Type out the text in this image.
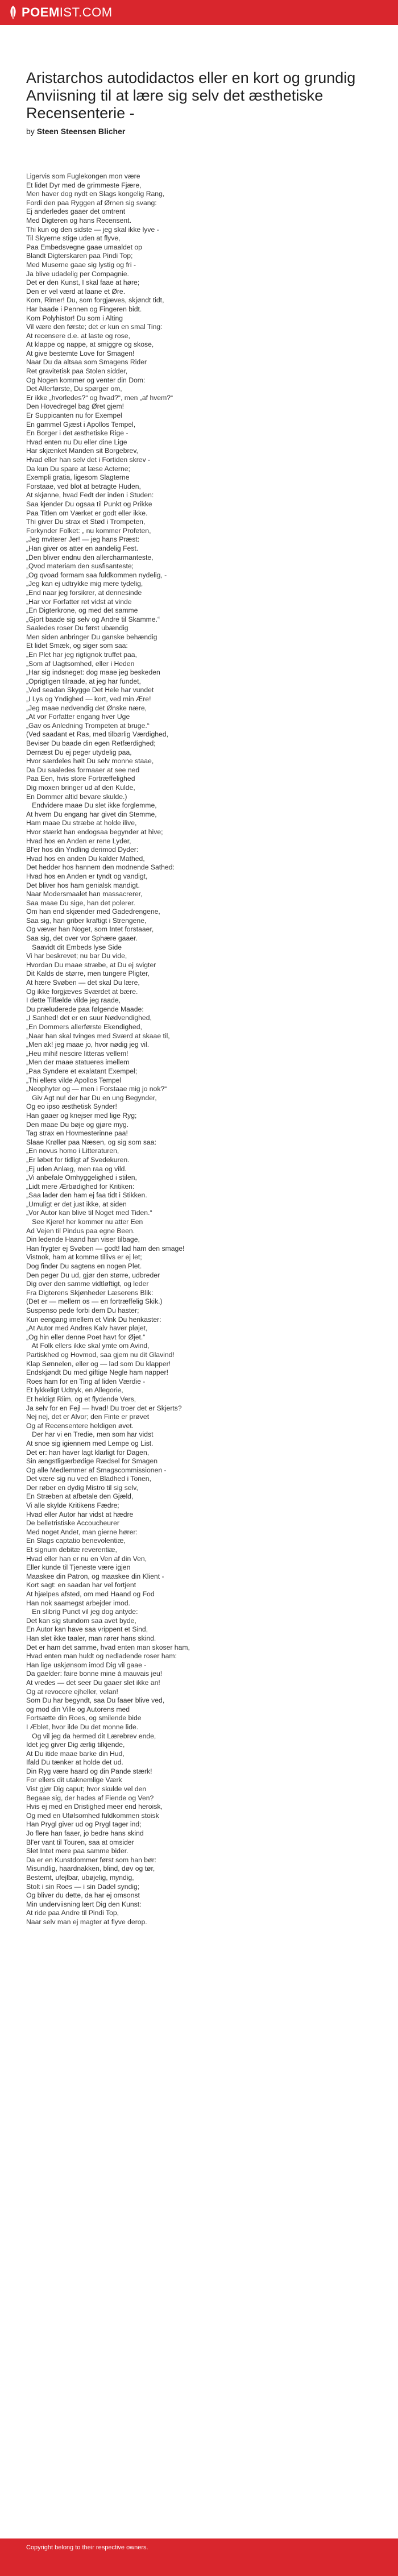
POEM IST.COM
Aristarchos autodidactos eller en kort og grundig Anviisning til at lære sig selv det æsthetiske Recensenterie -
by Steen Steensen Blicher
Ligervis som Fuglekongen mon være
Et lidet Dyr med de grimmeste Fjære,
Men haver dog nydt en Slags kongelig Rang,
Fordi den paa Ryggen af Ørnen sig svang:
Ej anderledes gaaer det omtrent
Med Digteren og hans Recensent.
Thi kun og den sidste — jeg skal ikke lyve -
Til Skyerne stige uden at flyve,
Paa Embedsvegne gaae umaaldet op
Blandt Digterskaren paa Pindi Top;
Med Muserne gaae sig lystig og fri -
Ja blive udadelig per Compagnie.
Det er den Kunst, I skal faae at høre;
Den er vel værd at laane et Øre.
Kom, Rimer! Du, som forgjæves, skjøndt tidt,
Har baade i Pennen og Fingeren bidt.
Kom Polyhistor! Du som i Alting
Vil være den første; det er kun en smal Ting:
At recensere d.e. at laste og rose,
At klappe og nappe, at smiggre og skose,
At give bestemte Love for Smagen!
Naar Du da altsaa som Smagens Rider
Ret gravitetisk paa Stolen sidder,
Og Nogen kommer og venter din Dom:
Det Allerførste, Du spørger om,
Er ikke „hvorledes?“ og hvad?“, men „af hvem?“
Den Hovedregel bag Øret gjem!
Er Suppicanten nu for Exempel
En gammel Gjæst i Apollos Tempel,
En Borger i det æsthetiske Rige -
Hvad enten nu Du eller dine Lige
Har skjænket Manden sit Borgebrev,
Hvad eller han selv det i Fortiden skrev -
Da kun Du spare at læse Acterne;
Exempli gratia, ligesom Slagterne
Forstaae, ved blot at betragte Huden,
At skjønne, hvad Fedt der inden i Studen:
Saa kjender Du ogsaa til Punkt og Prikke
Paa Titlen om Værket er godt eller ikke.
Thi giver Du strax et Stød i Trompeten,
Forkynder Folket: „ nu kommer Profeten,
„Jeg mviterer Jer! — jeg hans Præst:
„Han giver os atter en aandelig Fest.
„Den bliver endnu den allercharmanteste,
„Qvod materiam den susfisanteste;
„Og qvoad formam saa fuldkommen nydelig, -
„Jeg kan ej udtrykke mig mere tydelig,
„End naar jeg forsikrer, at dennesinde
„Har vor Forfatter ret vidst at vinde
„En Digterkrone, og med det samme
„Gjort baade sig selv og Andre til Skamme.“
Saaledes roser Du først ubændig
Men siden anbringer Du ganske behændig
Et lidet Smæk, og siger som saa:
„En Plet har jeg rigtignok truffet paa,
„Som af Uagtsomhed, eller i Heden
„Har sig indsneget: dog maae jeg beskeden
„Oprigtigen tilraade, at jeg har fundet,
„Ved seadan Skygge Det Hele har vundet
„I Lys og Yndighed — kort, ved min Ære!
„Jeg maae nødvendig det Ønske nære,
„At vor Forfatter engang hver Uge
„Gav os Anledning Trompeten at bruge.“
(Ved saadant et Ras, med tilbørlig Værdighed,
Beviser Du baade din egen Retfærdighed;
Dernæst Du ej peger utydelig paa,
Hvor særdeles høit Du selv monne staae,
Da Du saaledes formaaer at see ned
Paa Een, hvis store Fortræffelighed
Dig moxen bringer ud af den Kulde,
En Dommer altid bevare skulde.)
Endvidere maae Du slet ikke forglemme,
At hvem Du engang har givet din Stemme,
Ham maae Du stræbe at holde ilive,
Hvor stærkt han endogsaa begynder at hive;
Hvad hos en Anden er rene Lyder,
Bl'er hos din Yndling derimod Dyder:
Hvad hos en anden Du kalder Mathed,
Det hedder hos hannem den modnende Sathed:
Hvad hos en Anden er tyndt og vandigt,
Det bliver hos ham genialsk mandigt.
Naar Modersmaalet han massacrerer,
Saa maae Du sige, han det polerer.
Om han end skjænder med Gadedrengene,
Saa sig, han griber kraftigt i Strengene,
Og væver han Noget, som Intet forstaaer,
Saa sig, det over vor Sphære gaaer.
Saavidt dit Embeds lyse Side
Vi har beskrevet; nu bar Du vide,
Hvordan Du maae stræbe, at Du ej svigter
Dit Kalds de større, men tungere Pligter,
At hære Svøben — det skal Du lære,
Og ikke forgjæves Sværdet at bære.
I dette Tilfælde vilde jeg raade,
Du præluderede paa følgende Maade:
„I Sanhed! det er en suur Nødvendighed,
„En Dommers allerførste Ekendighed,
„Naar han skal tvinges med Sværd at skaae til,
„Men ak! jeg maae jo, hvor nødig jeg vil.
„Heu mihi! nescire litteras vellem!
„Men der maae statueres imellem
„Paa Syndere et exalatant Exempel;
„Thi ellers vilde Apollos Tempel
„Neophyter og — men i Forstaae mig jo nok?“
Giv Agt nu! der har Du en ung Begynder,
Og eo ipso æsthetisk Synder!
Han gaaer og knejser med lige Ryg;
Den maae Du bøje og gjøre myg.
Tag strax en Hovmesterinne paa!
Slaae Krøller paa Næsen, og sig som saa:
„En novus homo i Litteraturen,
„Er løbet for tidligt af Svedekuren.
„Ej uden Anlæg, men raa og vild.
„Vi anbefale Omhyggelighed i stilen,
„Lidt mere Ærbødighed for Kritiken:
„Saa lader den ham ej faa tidt i Stikken.
„Umuligt er det just ikke, at siden
„Vor Autor kan blive til Noget med Tiden.“
See Kjere! her kommer nu atter Een
Ad Vejen til Pindus paa egne Been.
Din ledende Haand han viser tilbage,
Han frygter ej Svøben — godt! lad ham den smage!
Vistnok, ham at komme tillivs er ej let;
Dog finder Du sagtens en nogen Plet.
Den peger Du ud, gjør den større, udbreder
Dig over den samme vidtløftigt, og leder
Fra Digterens Skjønheder Læserens Blik:
(Det er — mellem os — en fortræffelig Skik.)
Suspenso pede forbi dem Du haster;
Kun eengang imellem et Vink Du henkaster:
„At Autor med Andres Kalv haver pløjet,
„Og hin eller denne Poet havt for Øjet.“
At Folk ellers ikke skal ymte om Avind,
Partiskhed og Hovmod, saa gjem nu dit Glavind!
Klap Sønnelen, eller og — lad som Du klapper!
Endskjøndt Du med giftige Negle ham napper!
Roes ham for en Ting af liden Værdie -
Et lykkeligt Udtryk, en Allegorie,
Et heldigt Riim, og et flydende Vers,
Ja selv for en Fejl — hvad! Du troer det er Skjerts?
Nej nej, det er Alvor; den Finte er prøvet
Og af Recensentere heldigen øvet.
Der har vi en Tredie, men som har vidst
At snoe sig igiennem med Lempe og List.
Det er: han haver lagt klarligt for Dagen,
Sin ængstligærbødige Rædsel for Smagen
Og alle Medlemmer af Smagscommissionen -
Det være sig nu ved en Bladhed i Tonen,
Der røber en dydig Mistro til sig selv,
En Stræben at afbetale den Gjæld,
Vi alle skylde Kritikens Fædre;
Hvad eller Autor har vidst at hædre
De belletristiske Accoucheurer
Med noget Andet, man gierne hører:
En Slags captatio benevolentiæ,
Et signum debitæ reverentiæ,
Hvad eller han er nu en Ven af din Ven,
Eller kunde til Tjeneste være igjen
Maaskee din Patron, og maaskee din Klient -
Kort sagt: en saadan har vel fortjent
At hjælpes afsted, om med Haand og Fod
Han nok saamegst arbejder imod.
En slibrig Punct vil jeg dog antyde:
Det kan sig stundom saa avet byde,
En Autor kan have saa vrippent et Sind,
Han slet ikke taaler, man rører hans skind.
Det er ham det samme, hvad enten man skoser ham,
Hvad enten man huldt og nedladende roser ham:
Han lige uskjønsom imod Dig vil gaae -
Da gaelder: faire bonne mine à mauvais jeu!
At vredes — det seer Du gaaer slet ikke an!
Og at revocere ejheller, velan!
Som Du har begyndt, saa Du faaer blive ved,
og mod din Ville og Autorens med
Fortsætte din Roes, og smilende bide
I Æblet, hvor ilde Du det monne lide.
Og vil jeg da hermed dit Lærebrev ende,
Idet jeg giver Dig ærlig tilkjende,
At Du itide maae barke din Hud,
Ifald Du tænker at holde det ud.
Din Ryg være haard og din Pande stærk!
For ellers dit utaknemlige Værk
Vist gjør Dig caput; hvor skulde vel den
Begaae sig, der hades af Fiende og Ven?
Hvis ej med en Dristighed meer end heroisk,
Og med en Ufølsomhed fuldkommen stoisk
Han Prygl giver ud og Prygl tager ind;
Jo flere han faaer, jo bedre hans skind
Bl'er vant til Touren, saa at omsider
Slet Intet mere paa samme bider.
Da er en Kunstdommer først som han bør:
Misundlig, haardnakken, blind, døv og tør,
Bestemt, ufejlbar, ubøjelig, myndig,
Stolt i sin Roes — i sin Dadel syndig;
Og bliver du dette, da har ej omsonst
Min underviisning lært Dig den Kunst:
At ride paa Andre til Pindi Top,
Naar selv man ej magter at flyve derop.
Copyright belong to their respective owners.
